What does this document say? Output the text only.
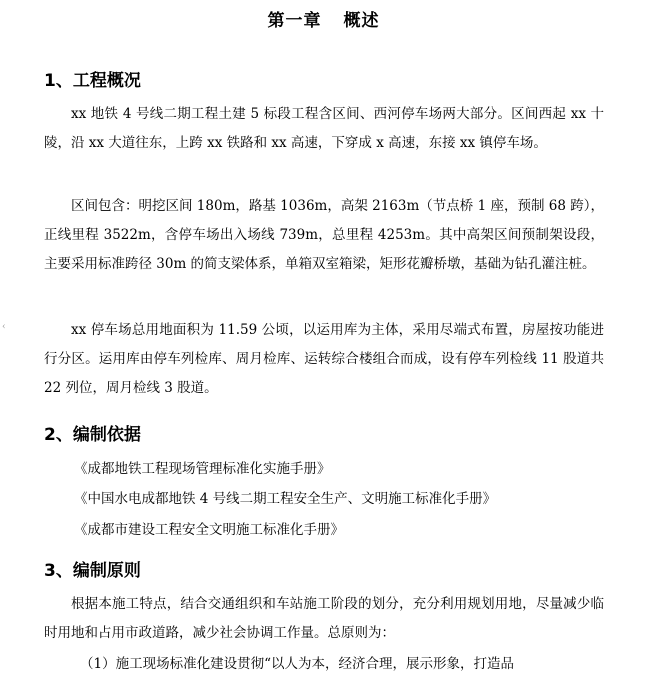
第一章 概述
1、工程概况

xx 地铁 4 号线二期工程土建 5 标段工程含区间、西河停车场两大部分。区间西起 xx 十陵，沿 xx 大道往东，上跨 xx 铁路和 xx 高速，下穿成 x 高速，东接 xx 镇停车场。

区间包含：明挖区间 180m，路基 1036m，高架 2163m（节点桥 1 座，预制 68 跨），正线里程 3522m，含停车场出入场线 739m，总里程 4253m。其中高架区间预制架设段，主要采用标准跨径 30m 的简支梁体系，单箱双室箱梁，矩形花瓣桥墩，基础为钻孔灌注桩。

xx 停车场总用地面积为 11.59 公顷，以运用库为主体，采用尽端式布置，房屋按功能进行分区。运用库由停车列检库、周月检库、运转综合楼组合而成，设有停车列检线 11 股道共 22 列位，周月检线 3 股道。

2、编制依据

《成都地铁工程现场管理标准化实施手册》

《中国水电成都地铁 4 号线二期工程安全生产、文明施工标准化手册》

《成都市建设工程安全文明施工标准化手册》

3、编制原则

根据本施工特点，结合交通组织和车站施工阶段的划分，充分利用规划用地，尽量减少临时用地和占用市政道路，减少社会协调工作量。总原则为：

（1）施工现场标准化建设贯彻“以人为本，经济合理，展示形象，打造品

‹
